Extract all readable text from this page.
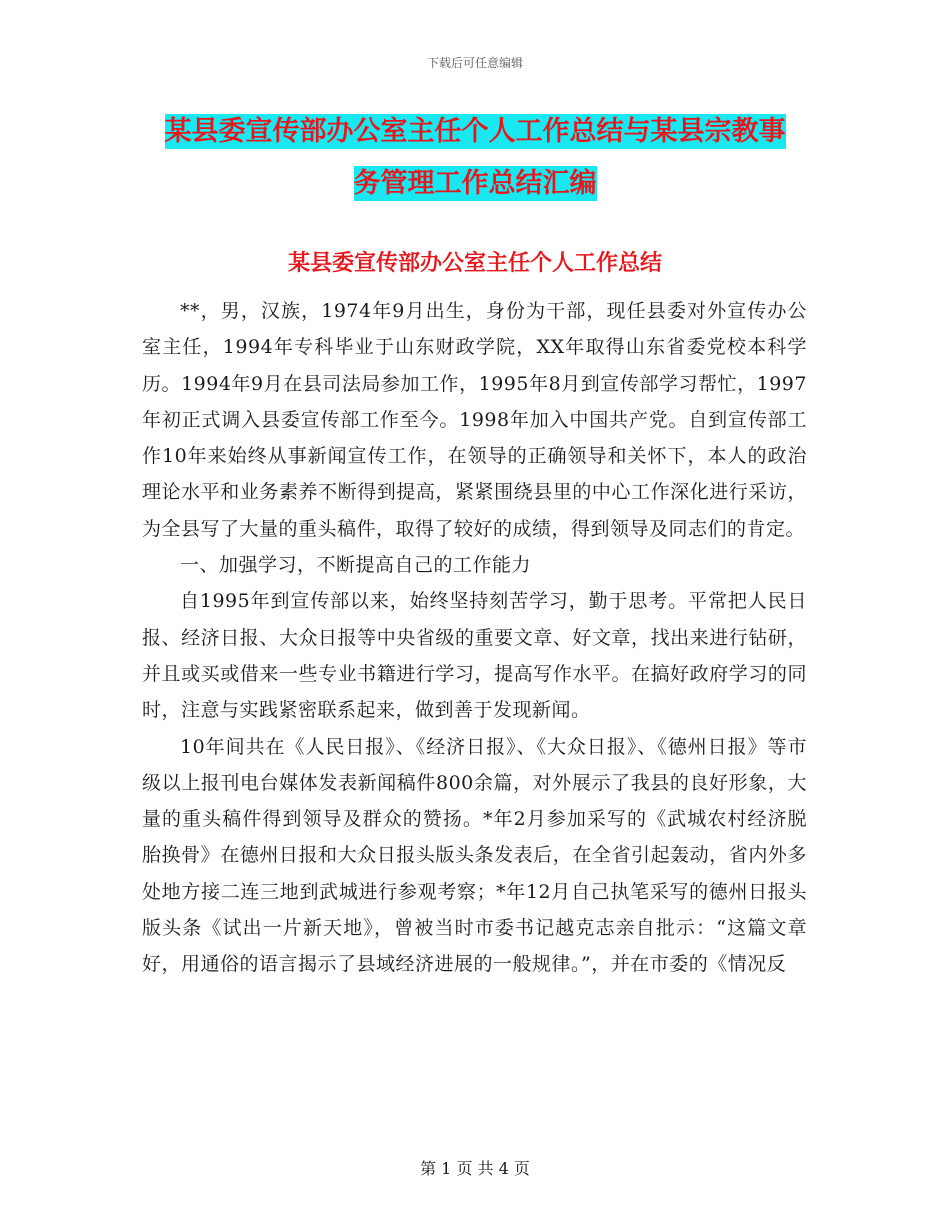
下载后可任意编辑
某县委宣传部办公室主任个人工作总结与某县宗教事
务管理工作总结汇编
某县委宣传部办公室主任个人工作总结

**，男，汉族，1974年9月出生，身份为干部，现任县委对外宣传办公室主任，1994年专科毕业于山东财政学院，XX年取得山东省委党校本科学历。1994年9月在县司法局参加工作，1995年8月到宣传部学习帮忙，1997年初正式调入县委宣传部工作至今。1998年加入中国共产党。自到宣传部工作10年来始终从事新闻宣传工作，在领导的正确领导和关怀下，本人的政治理论水平和业务素养不断得到提高，紧紧围绕县里的中心工作深化进行采访，为全县写了大量的重头稿件，取得了较好的成绩，得到领导及同志们的肯定。

一、加强学习，不断提高自己的工作能力

自1995年到宣传部以来，始终坚持刻苦学习，勤于思考。平常把人民日报、经济日报、大众日报等中央省级的重要文章、好文章，找出来进行钻研，并且或买或借来一些专业书籍进行学习，提高写作水平。在搞好政府学习的同时，注意与实践紧密联系起来，做到善于发现新闻。

10年间共在《人民日报》、《经济日报》、《大众日报》、《德州日报》等市级以上报刊电台媒体发表新闻稿件800余篇，对外展示了我县的良好形象，大量的重头稿件得到领导及群众的赞扬。*年2月参加采写的《武城农村经济脱胎换骨》在德州日报和大众日报头版头条发表后，在全省引起轰动，省内外多处地方接二连三地到武城进行参观考察；*年12月自己执笔采写的德州日报头版头条《试出一片新天地》，曾被当时市委书记越克志亲自批示：“这篇文章好，用通俗的语言揭示了县域经济进展的一般规律。”，并在市委的《情况反

第 1 页 共 4 页
